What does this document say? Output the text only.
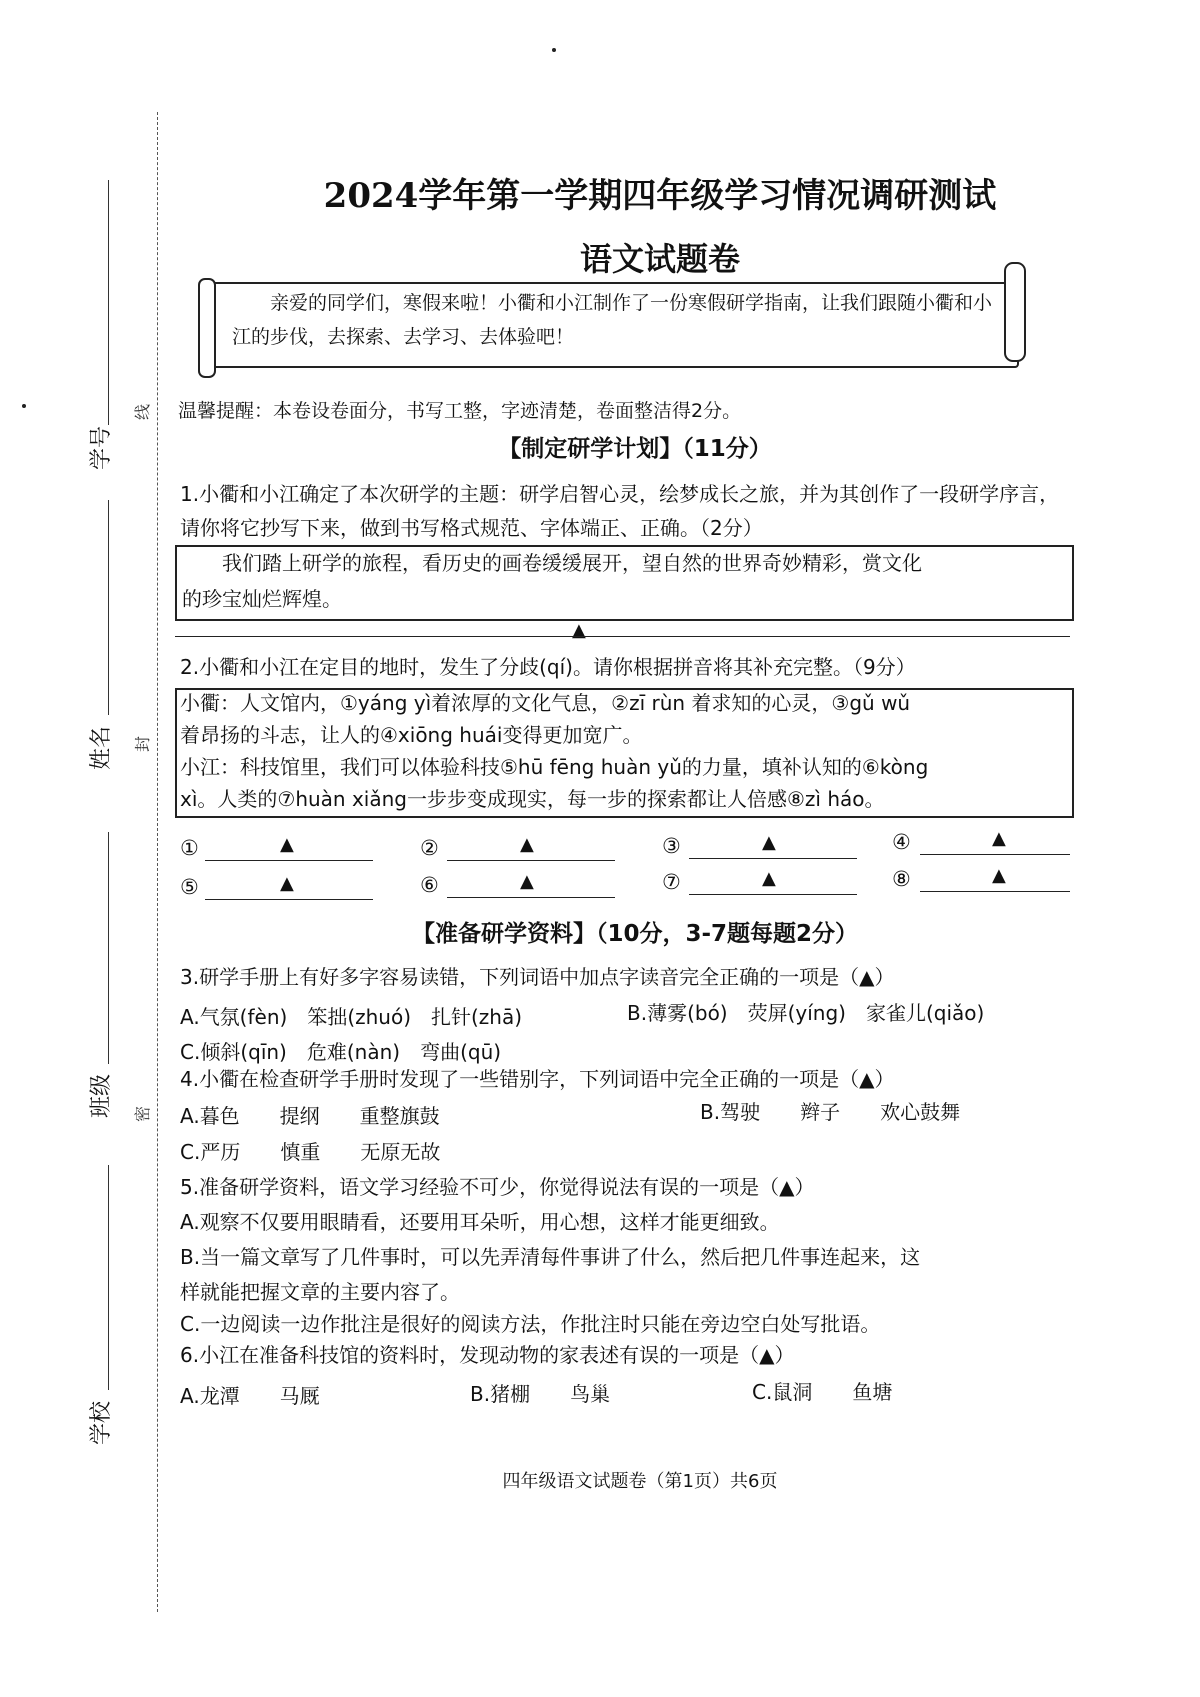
学号
线
姓名 封
班级 密
学校
2024学年第一学期四年级学习情况调研测试
语文试题卷
亲爱的同学们，寒假来啦！小衢和小江制作了一份寒假研学指南，让我们跟随小衢和小江的步伐，去探索、去学习、去体验吧！
温馨提醒：本卷设卷面分，书写工整，字迹清楚，卷面整洁得2分。
【制定研学计划】（11分）
1.小衢和小江确定了本次研学的主题：研学启智心灵，绘梦成长之旅，并为其创作了一段研学序言，请你将它抄写下来，做到书写格式规范、字体端正、正确。（2分）
我们踏上研学的旅程，看历史的画卷缓缓展开，望自然的世界奇妙精彩，赏文化
的珍宝灿烂辉煌。
▲
2.小衢和小江在定目的地时，发生了分歧(qí)。请你根据拼音将其补充完整。（9分）
小衢：人文馆内，①yáng yì着浓厚的文化气息，②zī rùn 着求知的心灵，③gǔ wǔ
着昂扬的斗志，让人的④xiōng huái变得更加宽广。
小江：科技馆里，我们可以体验科技⑤hū fēng huàn yǔ的力量，填补认知的⑥kòng
xì。人类的⑦huàn xiǎng一步步变成现实，每一步的探索都让人倍感⑧zì háo。
①	▲	②	▲	③	▲	④	▲
⑤	▲	⑥	▲	⑦	▲	⑧	▲
【准备研学资料】（10分，3-7题每题2分）
3.研学手册上有好多字容易读错，下列词语中加点字读音完全正确的一项是（▲）
A.气氛(fèn)　笨拙(zhuó)　扎针(zhā)	B.薄雾(bó)　荧屏(yíng)　家雀儿(qiǎo)
C.倾斜(qīn)　危难(nàn)　弯曲(qū)
4.小衢在检查研学手册时发现了一些错别字，下列词语中完全正确的一项是（▲）
A.暮色　　提纲　　重整旗鼓	B.驾驶　　辫子　　欢心鼓舞
C.严历　　慎重　　无原无故
5.准备研学资料，语文学习经验不可少，你觉得说法有误的一项是（▲）
A.观察不仅要用眼睛看，还要用耳朵听，用心想，这样才能更细致。
B.当一篇文章写了几件事时，可以先弄清每件事讲了什么，然后把几件事连起来，这
样就能把握文章的主要内容了。
C.一边阅读一边作批注是很好的阅读方法，作批注时只能在旁边空白处写批语。
6.小江在准备科技馆的资料时，发现动物的家表述有误的一项是（▲）
A.龙潭　　马厩	B.猪棚　　鸟巢	C.鼠洞　　鱼塘
四年级语文试题卷（第1页）共6页
